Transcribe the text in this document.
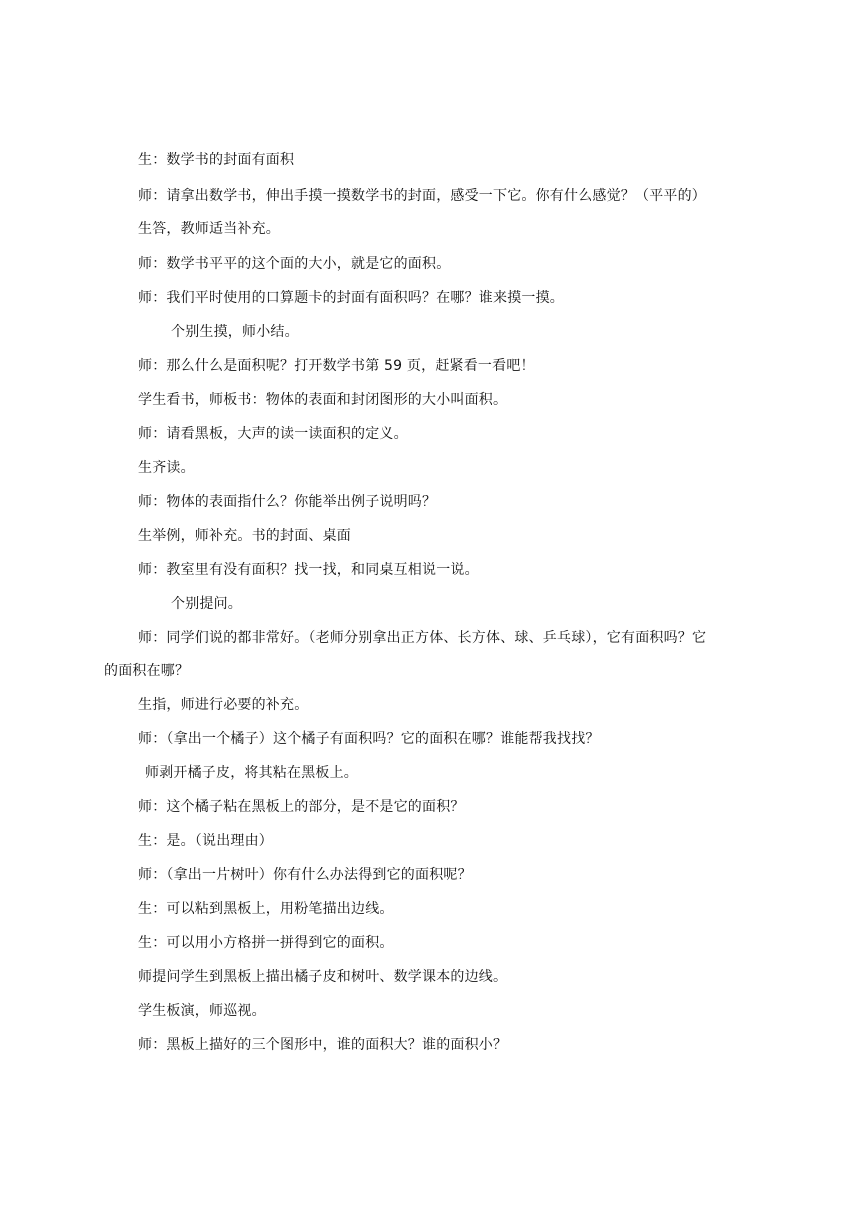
生：数学书的封面有面积
师：请拿出数学书，伸出手摸一摸数学书的封面，感受一下它。你有什么感觉？（平平的）
生答，教师适当补充。
师：数学书平平的这个面的大小，就是它的面积。
师：我们平时使用的口算题卡的封面有面积吗？在哪？谁来摸一摸。
个别生摸，师小结。
师：那么什么是面积呢？打开数学书第 59 页，赶紧看一看吧！
学生看书，师板书：物体的表面和封闭图形的大小叫面积。
师：请看黑板，大声的读一读面积的定义。
生齐读。
师：物体的表面指什么？你能举出例子说明吗？
生举例，师补充。书的封面、桌面
师：教室里有没有面积？找一找，和同桌互相说一说。
个别提问。
师：同学们说的都非常好。（老师分别拿出正方体、长方体、球、乒乓球），它有面积吗？它
的面积在哪？
生指，师进行必要的补充。
师：（拿出一个橘子）这个橘子有面积吗？它的面积在哪？谁能帮我找找？
师剥开橘子皮，将其粘在黑板上。
师：这个橘子粘在黑板上的部分，是不是它的面积？
生：是。（说出理由）
师：（拿出一片树叶）你有什么办法得到它的面积呢？
生：可以粘到黑板上，用粉笔描出边线。
生：可以用小方格拼一拼得到它的面积。
师提问学生到黑板上描出橘子皮和树叶、数学课本的边线。
学生板演，师巡视。
师：黑板上描好的三个图形中，谁的面积大？谁的面积小？
